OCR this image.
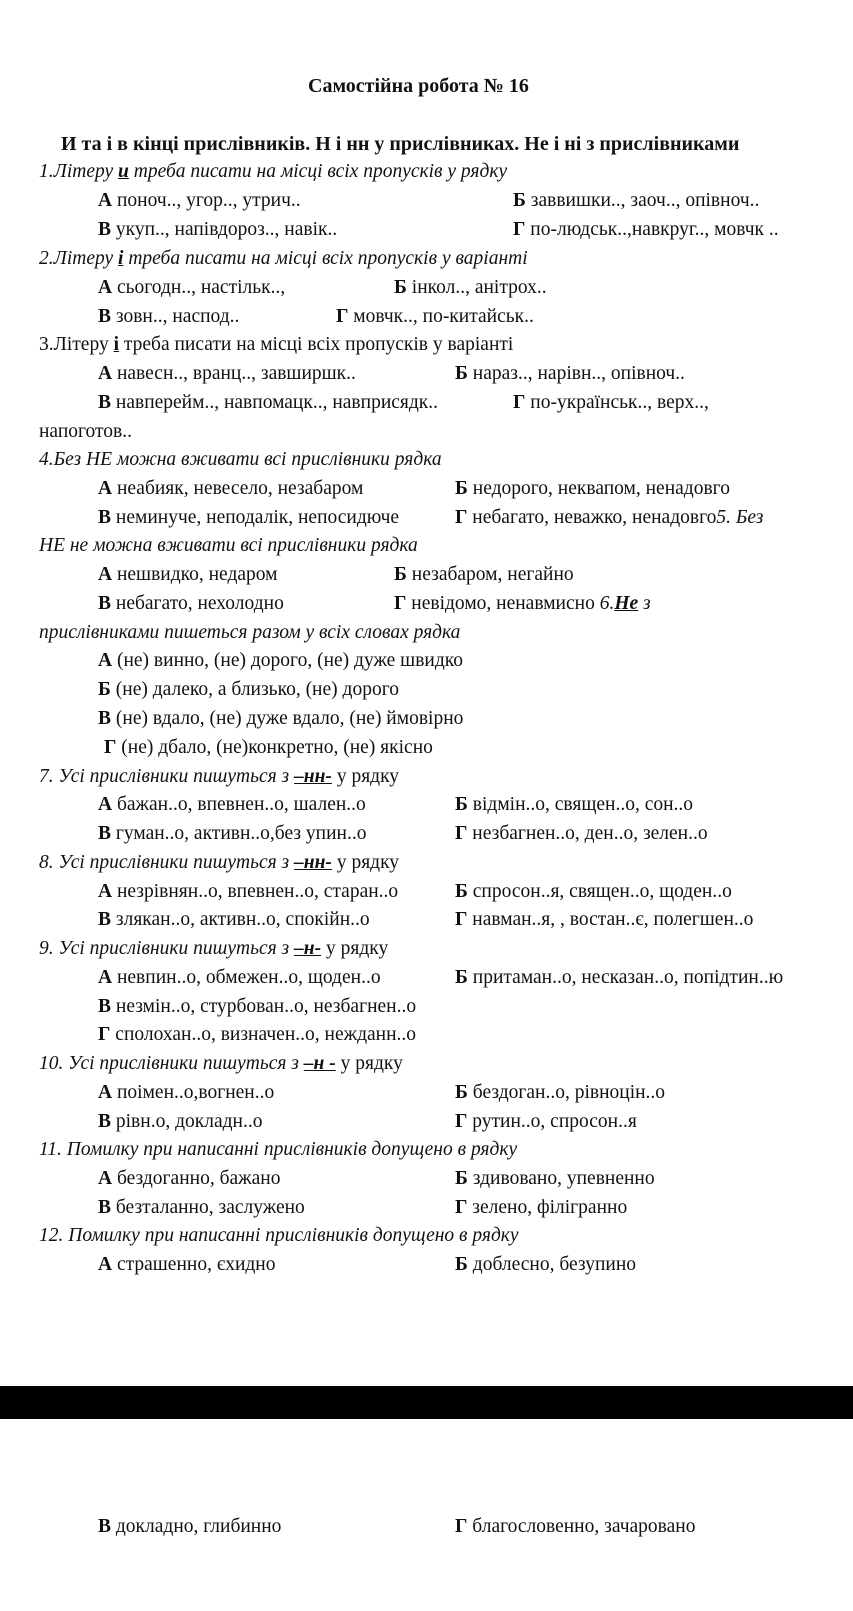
Самостійна робота № 16
И та і в кінці прислівників. Н і нн у прислівниках. Не і ні з прислівниками
1.Літеру и треба писати на місці всіх пропусків у рядку
А поноч.., угор.., утрич..	Б заввишки.., заоч.., опівноч..
В укуп.., напівдороз.., навік..	Г по-людськ..,навкруг.., мовчк ..
2.Літеру і треба писати на місці всіх пропусків у варіанті
А сьогодн.., настільк..,	Б інкол.., анітрох..
В зовн.., наспод..	Г мовчк.., по-китайськ..
3.Літеру і треба писати на місці всіх пропусків у варіанті
А навесн.., вранц.., завширшк..	Б нараз.., нарівн.., опівноч..
В навперейм.., навпомацк.., навприсядк..	Г по-українськ.., верх..,
напоготов..
4.Без НЕ можна вживати всі прислівники рядка
А неабияк, невесело, незабаром	Б недорого, неквапом, ненадовго
В неминуче, неподалік, непосидюче	Г небагато, неважко, ненадовго5. Без
НЕ не можна вживати всі прислівники рядка
А нешвидко, недаром	Б незабаром, негайно
В небагато, нехолодно	Г невідомо, ненавмисно 6.Не з
прислівниками пишеться разом у всіх словах рядка
А (не) винно, (не) дорого, (не) дуже швидко
Б (не) далеко, а близько, (не) дорого
В (не) вдало, (не) дуже вдало, (не) ймовірно
Г (не) дбало, (не)конкретно, (не) якісно
7. Усі прислівники пишуться з –нн- у рядку
А бажан..о, впевнен..о, шален..о	Б відмін..о, священ..о, сон..о
В гуман..о, активн..о,без упин..о	Г незбагнен..о, ден..о, зелен..о
8. Усі прислівники пишуться з –нн- у рядку
А незрівнян..о, впевнен..о, старан..о	Б спросон..я, священ..о, щоден..о
В злякан..о, активн..о, спокійн..о	Г навман..я, , востан..є, полегшен..о
9. Усі прислівники пишуться з –н- у рядку
А невпин..о, обмежен..о, щоден..о	Б притаман..о, несказан..о, попідтин..ю
В незмін..о, стурбован..о, незбагнен..о
Г сполохан..о, визначен..о, нежданн..о
10. Усі прислівники пишуться з –н - у рядку
А поімен..о,вогнен..о	Б бездоган..о, рівноцін..о
В рівн.о, докладн..о	Г рутин..о, спросон..я
11. Помилку при написанні прислівників допущено в рядку
А бездоганно, бажано	Б здивовано, упевненно
В безталанно, заслужено	Г зелено, філігранно
12. Помилку при написанні прислівників допущено в рядку
А страшенно, єхидно	Б доблесно, безупино
В докладно, глибинно	Г благословенно, зачаровано
